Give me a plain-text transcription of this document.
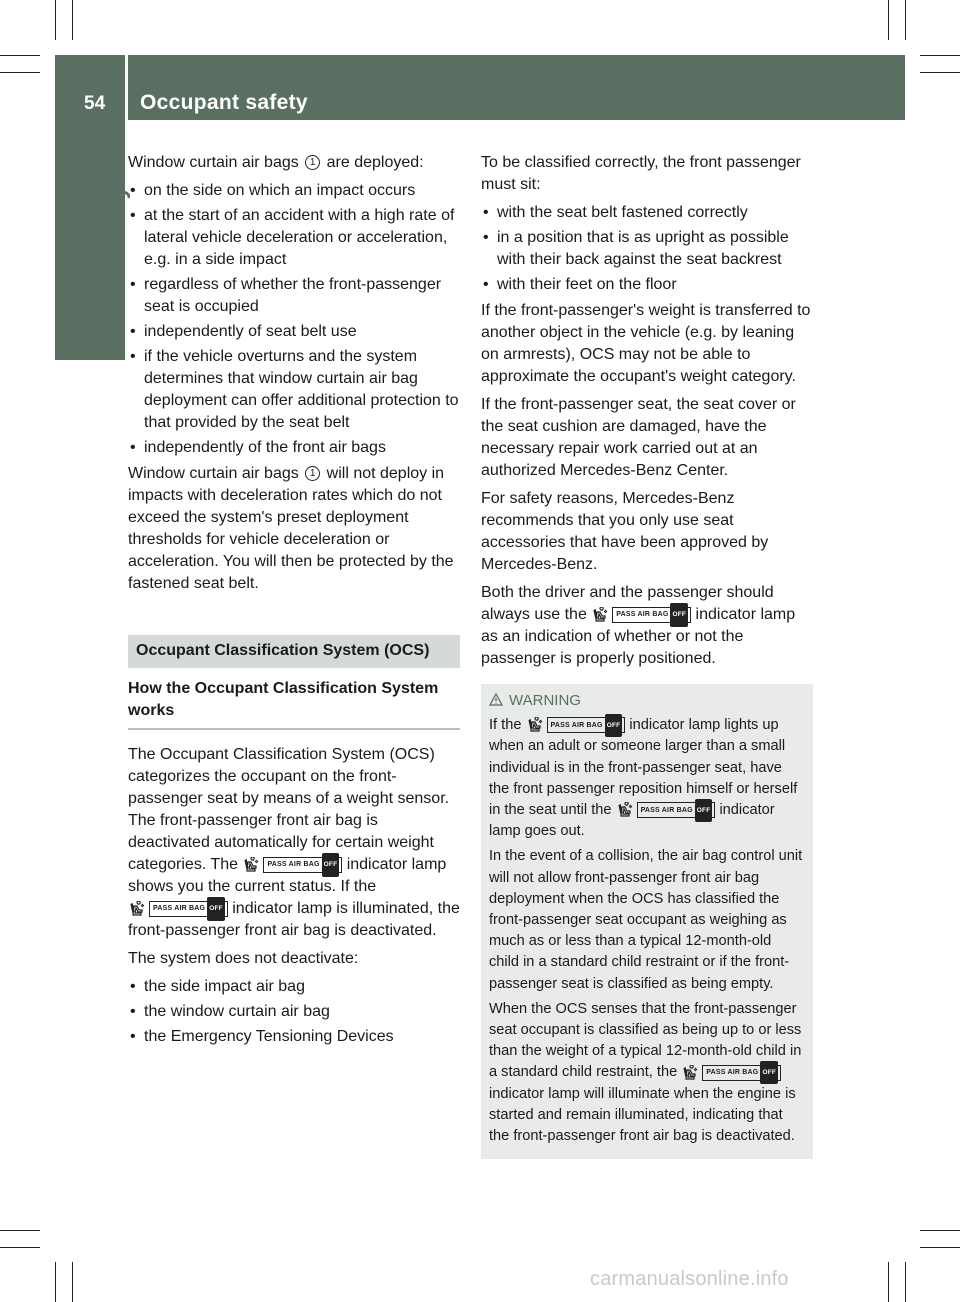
54 Occupant safety
Safety

Window curtain air bags 1 are deployed:

• on the side on which an impact occurs
• at the start of an accident with a high rate of lateral vehicle deceleration or acceleration, e.g. in a side impact
• regardless of whether the front-passenger seat is occupied
• independently of seat belt use
• if the vehicle overturns and the system determines that window curtain air bag deployment can offer additional protection to that provided by the seat belt
• independently of the front air bags

Window curtain air bags 1 will not deploy in impacts with deceleration rates which do not exceed the system's preset deployment thresholds for vehicle deceleration or acceleration. You will then be protected by the fastened seat belt.

Occupant Classification System (OCS)
How the Occupant Classification System works

The Occupant Classification System (OCS) categorizes the occupant on the front-passenger seat by means of a weight sensor. The front-passenger front air bag is deactivated automatically for certain weight categories. The	PASS AIR BAG OFF indicator lamp shows you the current status. If the
PASS AIR BAG OFF indicator lamp is illuminated, the front-passenger front air bag is deactivated.

The system does not deactivate:

• the side impact air bag
• the window curtain air bag
• the Emergency Tensioning Devices

To be classified correctly, the front passenger must sit:

• with the seat belt fastened correctly
• in a position that is as upright as possible with their back against the seat backrest
• with their feet on the floor

If the front-passenger's weight is transferred to another object in the vehicle (e.g. by leaning on armrests), OCS may not be able to approximate the occupant's weight category.

If the front-passenger seat, the seat cover or the seat cushion are damaged, have the necessary repair work carried out at an authorized Mercedes-Benz Center.

For safety reasons, Mercedes-Benz recommends that you only use seat accessories that have been approved by Mercedes-Benz.

Both the driver and the passenger should always use the	PASS AIR BAG OFF indicator lamp as an indication of whether or not the passenger is properly positioned.

WARNING

If the	PASS AIR BAG OFF indicator lamp lights up when an adult or someone larger than a small individual is in the front-passenger seat, have the front passenger reposition himself or herself in the seat until the	PASS AIR BAG OFF indicator lamp goes out.

In the event of a collision, the air bag control unit will not allow front-passenger front air bag deployment when the OCS has classified the front-passenger seat occupant as weighing as much as or less than a typical 12-month-old child in a standard child restraint or if the front-passenger seat is classified as being empty.

When the OCS senses that the front-passenger seat occupant is classified as being up to or less than the weight of a typical 12-month-old child in a standard child restraint, the	PASS AIR BAG OFF
indicator lamp will illuminate when the engine is started and remain illuminated, indicating that the front-passenger front air bag is deactivated.

carmanualsonline.info
